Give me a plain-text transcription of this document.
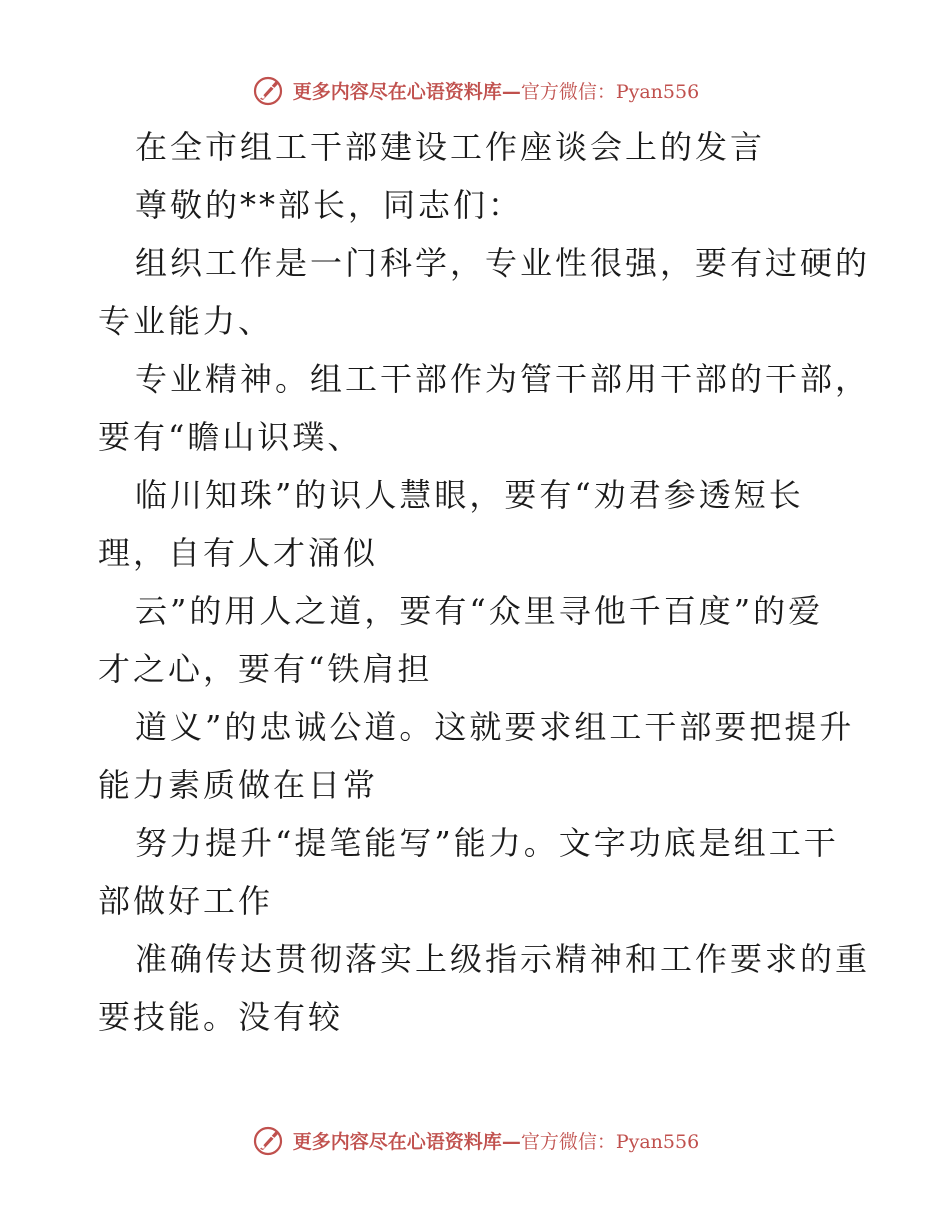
更多内容尽在心语资料库—官方微信：Pyan556
在全市组工干部建设工作座谈会上的发言
尊敬的**部长，同志们：
组织工作是一门科学，专业性很强，要有过硬的
专业能力、
专业精神。组工干部作为管干部用干部的干部，
要有“瞻山识璞、
临川知珠”的识人慧眼，要有“劝君参透短长
理，自有人才涌似
云”的用人之道，要有“众里寻他千百度”的爱
才之心，要有“铁肩担
道义”的忠诚公道。这就要求组工干部要把提升
能力素质做在日常
努力提升“提笔能写”能力。文字功底是组工干
部做好工作
准确传达贯彻落实上级指示精神和工作要求的重
要技能。没有较
更多内容尽在心语资料库—官方微信：Pyan556
